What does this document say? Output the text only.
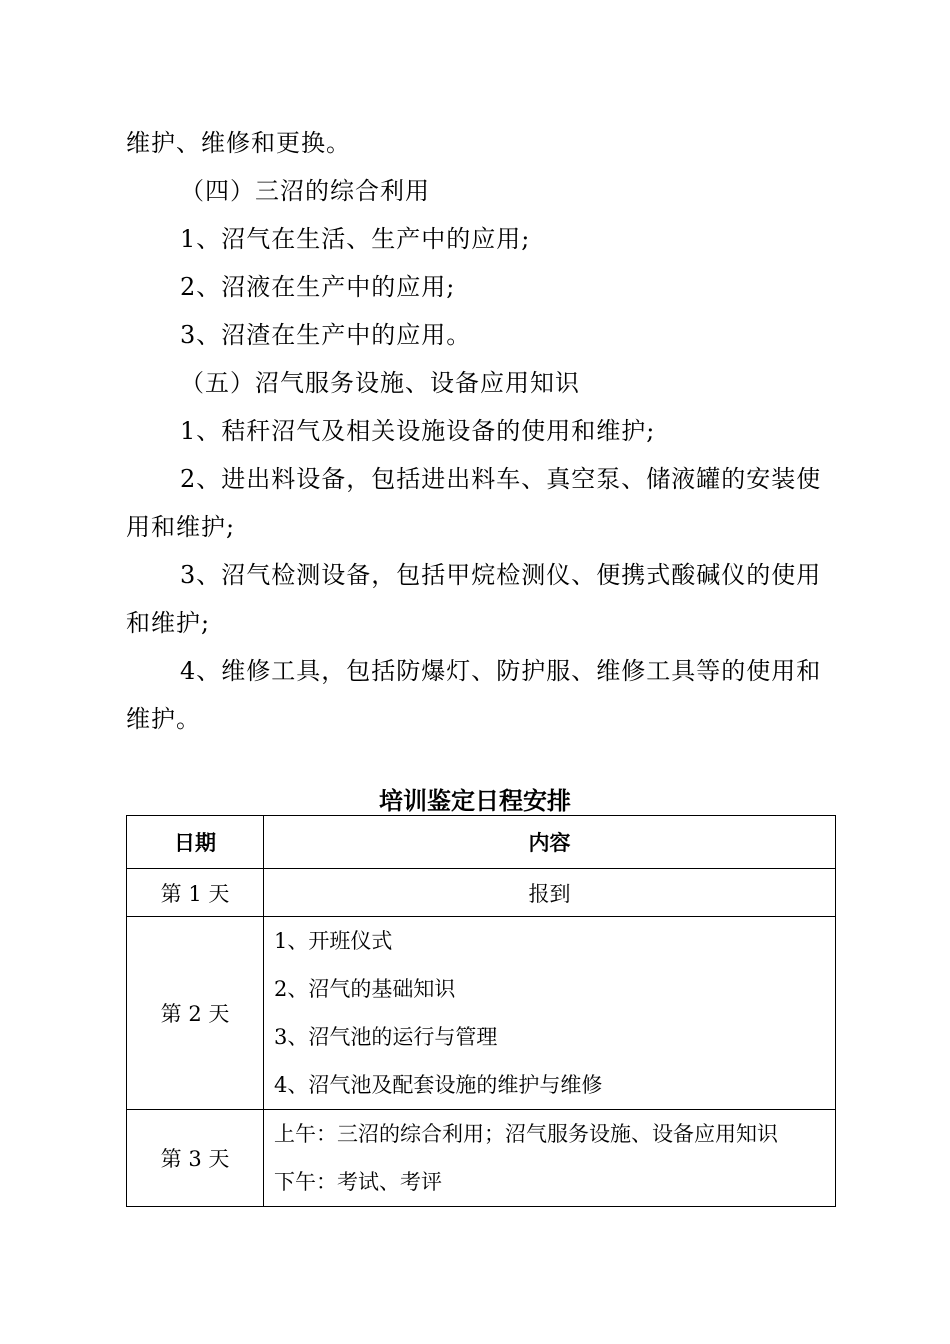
维护、维修和更换。
（四）三沼的综合利用
1、沼气在生活、生产中的应用;
2、沼液在生产中的应用;
3、沼渣在生产中的应用。
（五）沼气服务设施、设备应用知识
1、秸秆沼气及相关设施设备的使用和维护;
2、进出料设备，包括进出料车、真空泵、储液罐的安装使
用和维护;
3、沼气检测设备，包括甲烷检测仪、便携式酸碱仪的使用
和维护;
4、维修工具，包括防爆灯、防护服、维修工具等的使用和
维护。
培训鉴定日程安排
日期	内容
第 1 天	报到
第 2 天	1、开班仪式
2、沼气的基础知识
3、沼气池的运行与管理
4、沼气池及配套设施的维护与维修

第 3 天	上午：三沼的综合利用；沼气服务设施、设备应用知识
下午：考试、考评
